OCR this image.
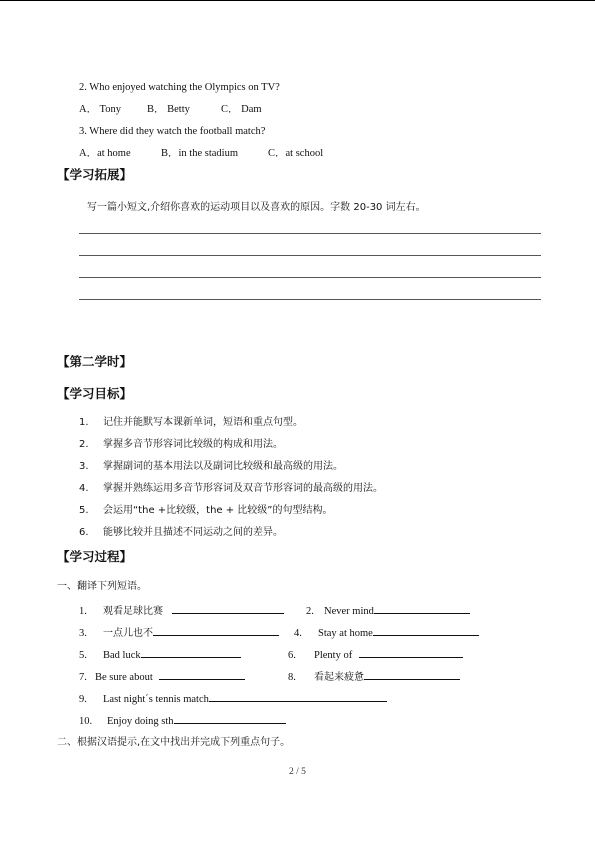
2. Who enjoyed watching the Olympics on TV?
A． Tony B． Betty	C． Dam
3. Where did they watch the football match?
A．at home	B．in the stadium	C．at school
【学习拓展】
写一篇小短文,介绍你喜欢的运动项目以及喜欢的原因。字数 20-30 词左右。
【第二学时】
【学习目标】
1. 记住并能默写本课新单词，短语和重点句型。
2. 掌握多音节形容词比较级的构成和用法。
3. 掌握副词的基本用法以及副词比较级和最高级的用法。
4. 掌握并熟练运用多音节形容词及双音节形容词的最高级的用法。
5. 会运用“the +比较级，the + 比较级”的句型结构。
6. 能够比较并且描述不同运动之间的差异。
【学习过程】
一、翻译下列短语。
1. 观看足球比赛	2. Never mind
3. 一点儿也不	4. Stay at home
5. Bad luck	6. Plenty of
7. Be sure about	8. 看起来疲惫
9. Last night΄s tennis match
10. Enjoy doing sth
二、根据汉语提示,在文中找出并完成下列重点句子。
2 / 5
